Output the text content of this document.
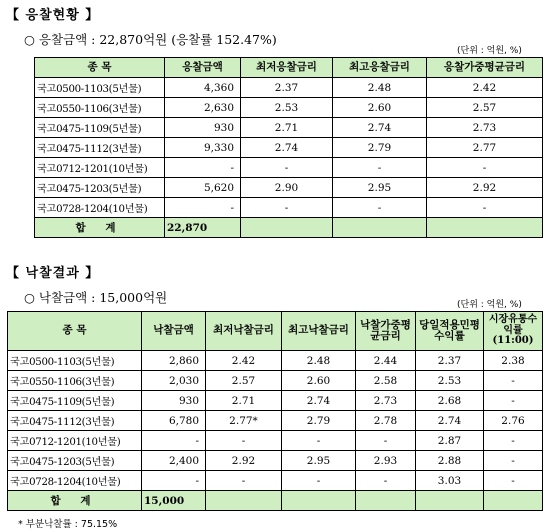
【 응찰현황 】
○ 응찰금액 : 22,870억원 (응찰률 152.47%)
(단위 : 억원, %)
종 목	응찰금액	최저응찰금리	최고응찰금리	응찰가중평균금리
국고0500-1103(5년물)	4,360	2.37	2.48	2.42
국고0550-1106(3년물)	2,630	2.53	2.60	2.57
국고0475-1109(5년물)	930	2.71	2.74	2.73
국고0475-1112(3년물)	9,330	2.74	2.79	2.77
국고0712-1201(10년물)	-	-	-	-
국고0475-1203(5년물)	5,620	2.90	2.95	2.92
국고0728-1204(10년물)	-	-	-	-
합 계	22,870			
【 낙찰결과 】
○ 낙찰금액 : 15,000억원	(단위 : 억원, %)
종 목	낙찰금액	최저낙찰금리	최고낙찰금리	낙찰가중평균금리	당일적용민평수익률	시장유통수익률(11:00)
국고0500-1103(5년물)	2,860	2.42	2.48	2.44	2.37	2.38
국고0550-1106(3년물)	2,030	2.57	2.60	2.58	2.53	-
국고0475-1109(5년물)	930	2.71	2.74	2.73	2.68	-
국고0475-1112(3년물)	6,780	2.77*	2.79	2.78	2.74	2.76
국고0712-1201(10년물)	-	-	-	-	2.87	-
국고0475-1203(5년물)	2,400	2.92	2.95	2.93	2.88	-
국고0728-1204(10년물)	-	-	-	-	3.03	-
합 계	15,000					
* 부분낙찰률 : 75.15%
